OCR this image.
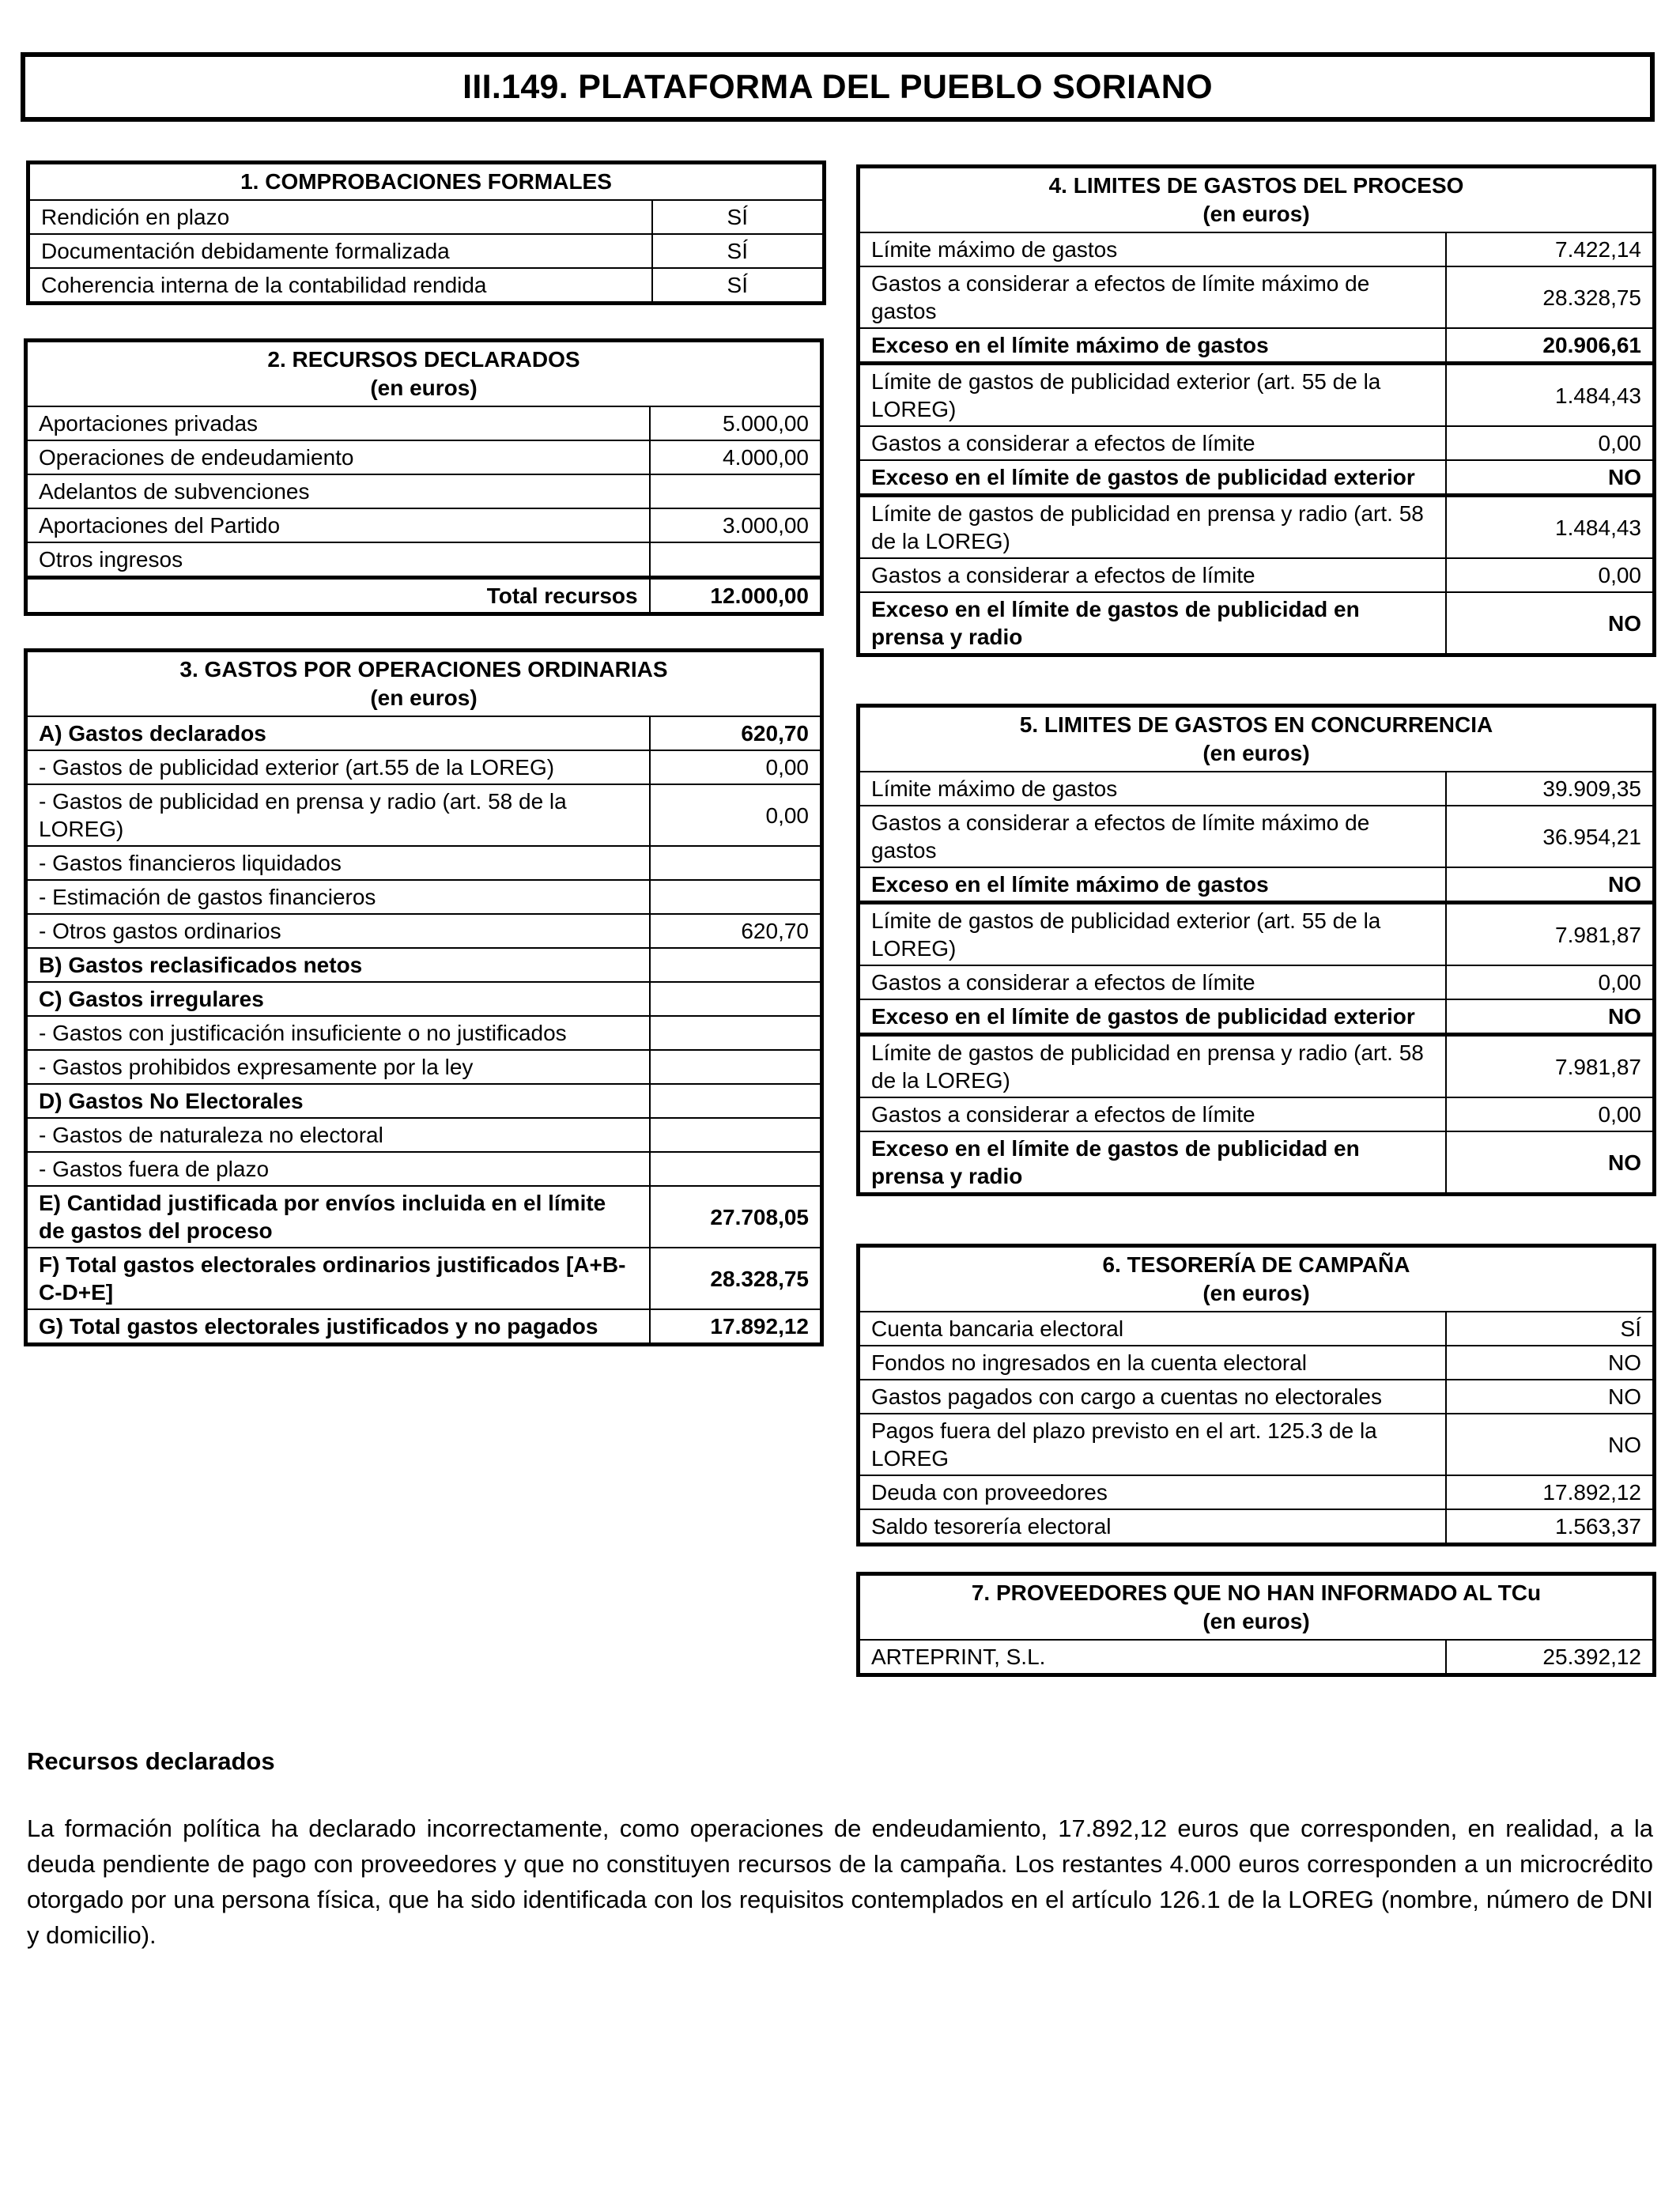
III.149. PLATAFORMA DEL PUEBLO SORIANO
1. COMPROBACIONES FORMALES	
Rendición en plazo	SÍ
Documentación debidamente formalizada	SÍ
Coherencia interna de la contabilidad rendida	SÍ
2. RECURSOS DECLARADOS
(en euros)	

Aportaciones privadas	5.000,00
Operaciones de endeudamiento	4.000,00
Adelantos de subvenciones	
Aportaciones del Partido	3.000,00
Otros ingresos	
Total recursos	12.000,00
3. GASTOS POR OPERACIONES ORDINARIAS
(en euros)	

A) Gastos declarados	620,70
- Gastos de publicidad exterior (art.55 de la LOREG)	0,00
- Gastos de publicidad en prensa y radio (art. 58 de la LOREG)	0,00
- Gastos financieros liquidados	
- Estimación de gastos financieros	
- Otros gastos ordinarios	620,70
B) Gastos reclasificados netos	
C) Gastos irregulares	
- Gastos con justificación insuficiente o no justificados	
- Gastos prohibidos expresamente por la ley	
D) Gastos No Electorales	
- Gastos de naturaleza no electoral	
- Gastos fuera de plazo	
E) Cantidad justificada por envíos incluida en el límite de gastos del proceso	27.708,05
F) Total gastos electorales ordinarios justificados [A+B-C-D+E]	28.328,75
G) Total gastos electorales justificados y no pagados	17.892,12
4. LIMITES DE GASTOS DEL PROCESO
(en euros)	

Límite máximo de gastos	7.422,14
Gastos a considerar a efectos de límite máximo de gastos	28.328,75
Exceso en el límite máximo de gastos	20.906,61
Límite de gastos de publicidad exterior (art. 55 de la LOREG)	1.484,43
Gastos a considerar a efectos de límite	0,00
Exceso en el límite de gastos de publicidad exterior	NO
Límite de gastos de publicidad en prensa y radio (art. 58 de la LOREG)	1.484,43
Gastos a considerar a efectos de límite	0,00
Exceso en el límite de gastos de publicidad en prensa y radio	NO
5. LIMITES DE GASTOS EN CONCURRENCIA
(en euros)	

Límite máximo de gastos	39.909,35
Gastos a considerar a efectos de límite máximo de gastos	36.954,21
Exceso en el límite máximo de gastos	NO
Límite de gastos de publicidad exterior (art. 55 de la LOREG)	7.981,87
Gastos a considerar a efectos de límite	0,00
Exceso en el límite de gastos de publicidad exterior	NO
Límite de gastos de publicidad en prensa y radio (art. 58 de la LOREG)	7.981,87
Gastos a considerar a efectos de límite	0,00
Exceso en el límite de gastos de publicidad en prensa y radio	NO
6. TESORERÍA DE CAMPAÑA
(en euros)	

Cuenta bancaria electoral	SÍ
Fondos no ingresados en la cuenta electoral	NO
Gastos pagados con cargo a cuentas no electorales	NO
Pagos fuera del plazo previsto en el art. 125.3 de la LOREG	NO
Deuda con proveedores	17.892,12
Saldo tesorería electoral	1.563,37
7. PROVEEDORES QUE NO HAN INFORMADO AL TCu
(en euros)

ARTEPRINT, S.L.	25.392,12
Recursos declarados
La formación política ha declarado incorrectamente, como operaciones de endeudamiento, 17.892,12 euros que corresponden, en realidad, a la deuda pendiente de pago con proveedores y que no constituyen recursos de la campaña. Los restantes 4.000 euros corresponden a un microcrédito otorgado por una persona física, que ha sido identificada con los requisitos contemplados en el artículo 126.1 de la LOREG (nombre, número de DNI y domicilio).
